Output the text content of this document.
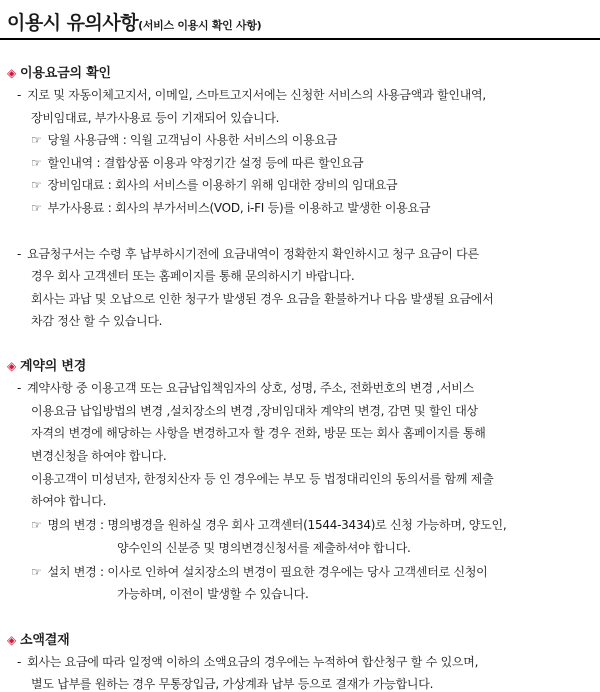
이용시 유의사항(서비스 이용시 확인 사항)
◈ 이용요금의 확인
- 지로 및 자동이체고지서, 이메일, 스마트고지서에는 신청한 서비스의 사용금액과 할인내역,
장비임대료, 부가사용료 등이 기재되어 있습니다.
☞ 당월 사용금액 : 익월 고객님이 사용한 서비스의 이용요금
☞ 할인내역 : 결합상품 이용과 약정기간 설정 등에 따른 할인요금
☞ 장비임대료 : 회사의 서비스를 이용하기 위해 임대한 장비의 임대요금
☞ 부가사용료 : 회사의 부가서비스(VOD, i-FI 등)를 이용하고 발생한 이용요금
- 요금청구서는 수령 후 납부하시기전에 요금내역이 정확한지 확인하시고 청구 요금이 다른
경우 회사 고객센터 또는 홈페이지를 통해 문의하시기 바랍니다.
회사는 과납 및 오납으로 인한 청구가 발생된 경우 요금을 환불하거나 다음 발생될 요금에서
차감 정산 할 수 있습니다.
◈ 계약의 변경
- 계약사항 중 이용고객 또는 요금납입책임자의 상호, 성명, 주소, 전화번호의 변경 ,서비스
이용요금 납입방법의 변경 ,설치장소의 변경 ,장비임대차 계약의 변경, 감면 및 할인 대상
자격의 변경에 해당하는 사항을 변경하고자 할 경우 전화, 방문 또는 회사 홈페이지를 통해
변경신청을 하여야 합니다.
이용고객이 미성년자, 한정치산자 등 인 경우에는 부모 등 법정대리인의 동의서를 함께 제출
하여야 합니다.
☞ 명의 변경 : 명의병경을 원하실 경우 회사 고객센터(1544-3434)로 신청 가능하며, 양도인,
양수인의 신분증 및 명의변경신청서를 제출하셔야 합니다.
☞ 설치 변경 : 이사로 인하여 설치장소의 변경이 필요한 경우에는 당사 고객센터로 신청이
가능하며, 이전이 발생할 수 있습니다.
◈ 소액결재
- 회사는 요금에 따라 일정액 이하의 소액요금의 경우에는 누적하여 합산청구 할 수 있으며,
별도 납부를 원하는 경우 무통장입금, 가상계좌 납부 등으로 결재가 가능합니다.
